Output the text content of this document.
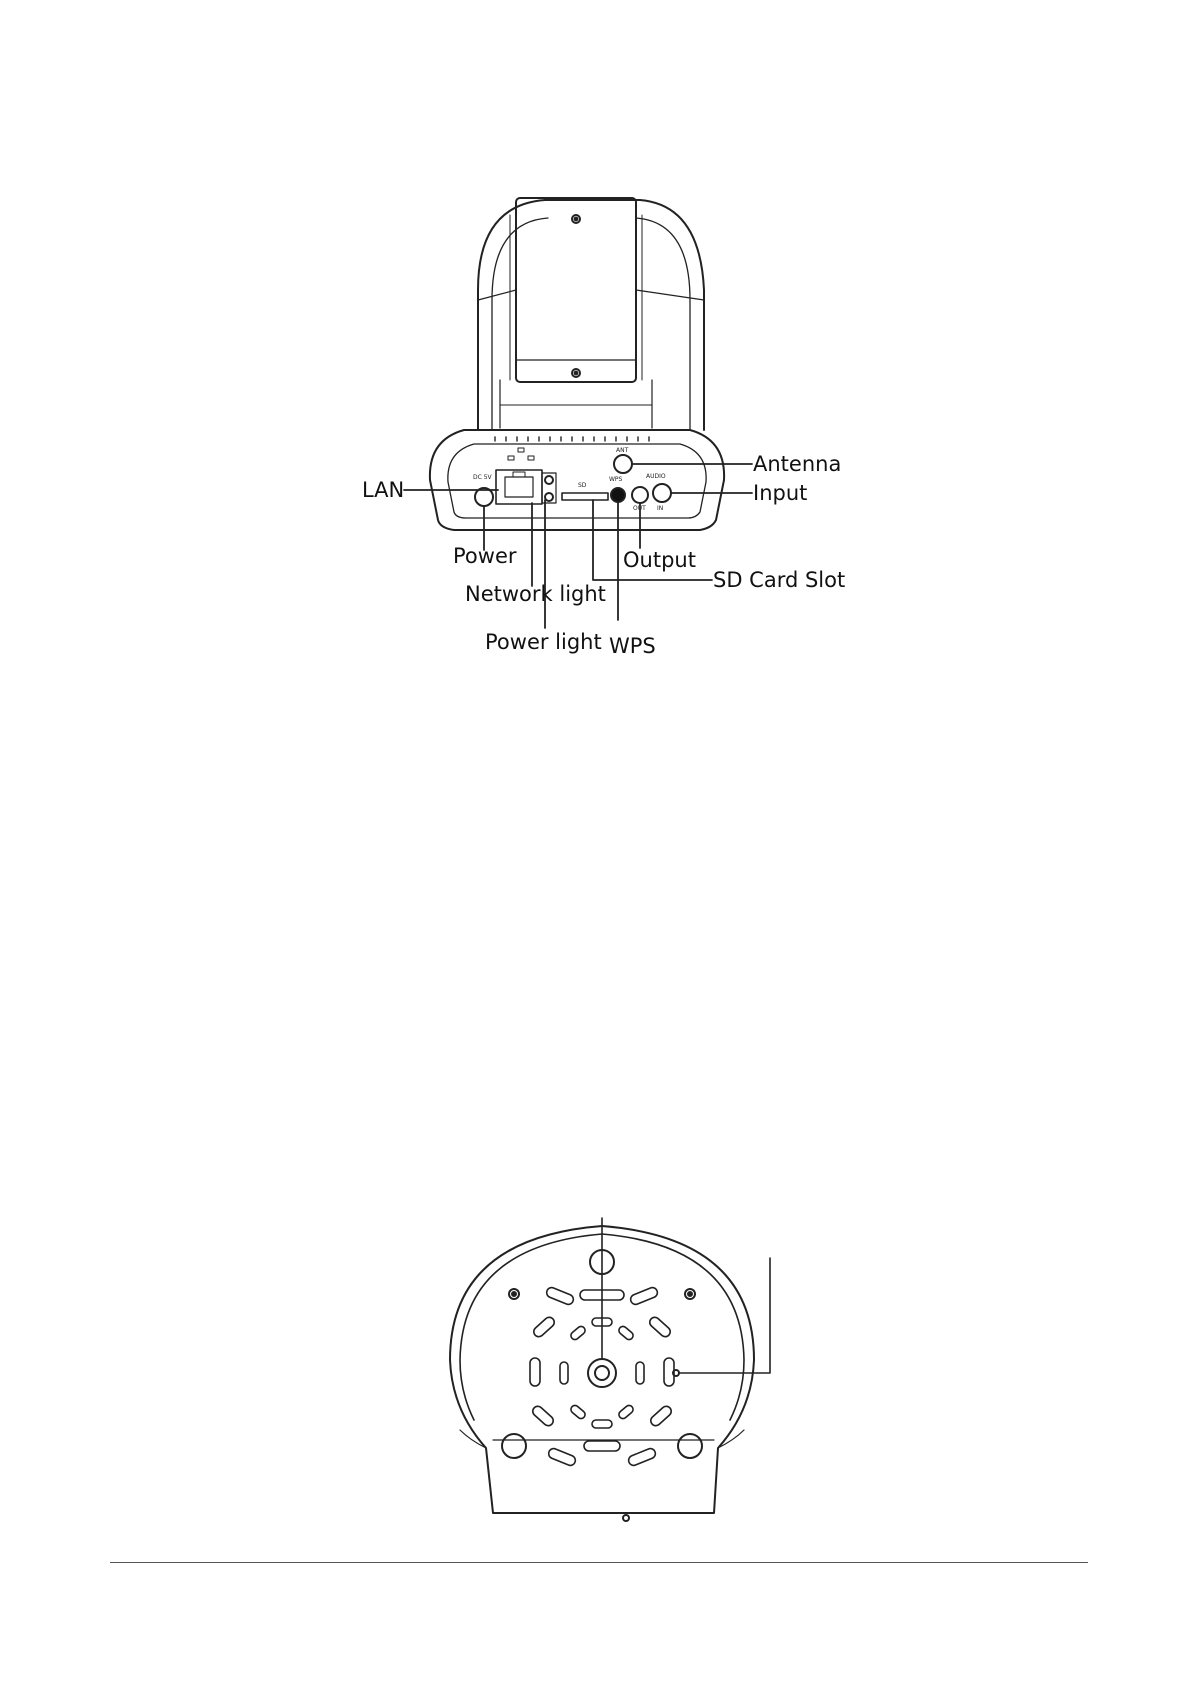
DC 5V
ANT
AUDIO
SD
WPS
OUT IN
Antenna
Input
LAN
Power	Output
SD Card Slot
Network light
Power light WPS
